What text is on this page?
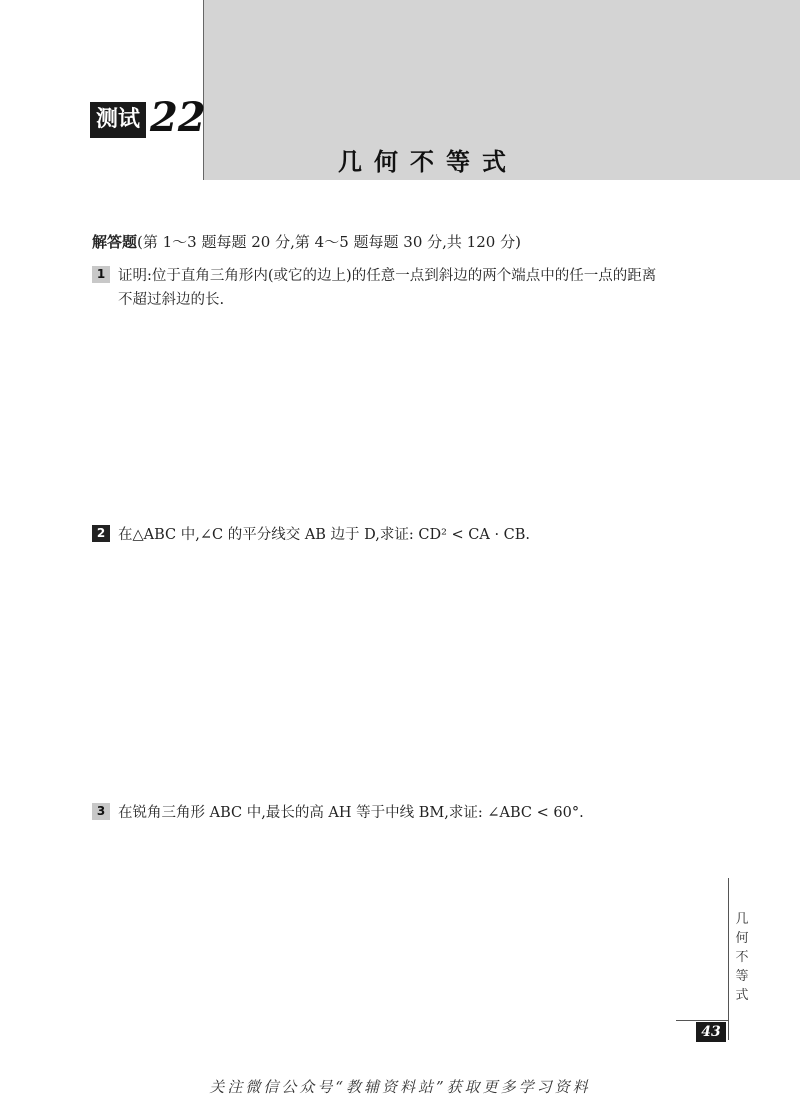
测试 22
几何不等式
解答题(第 1～3 题每题 20 分,第 4～5 题每题 30 分,共 120 分)
1 证明:位于直角三角形内(或它的边上)的任意一点到斜边的两个端点中的任一点的距离
不超过斜边的长.
2 在△ABC 中,∠C 的平分线交 AB 边于 D,求证: CD² < CA · CB.
3 在锐角三角形 ABC 中,最长的高 AH 等于中线 BM,求证: ∠ABC < 60°.
几
何
不
等
式
43
关注微信公众号“教辅资料站”获取更多学习资料
